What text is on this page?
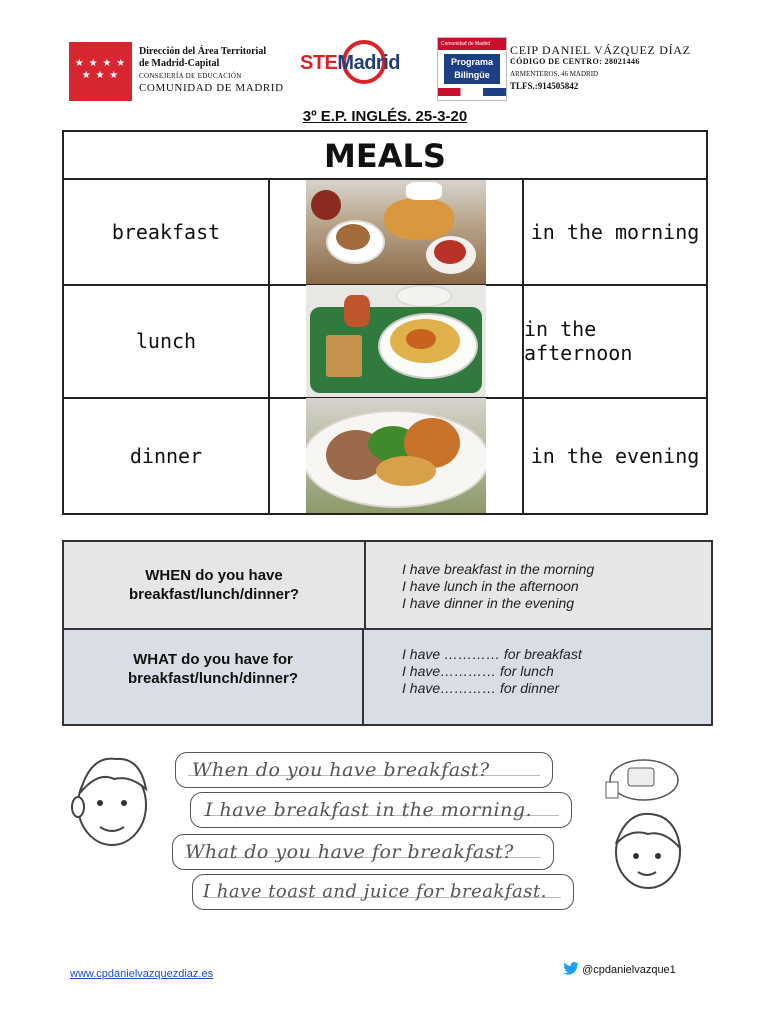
★ ★ ★ ★
★ ★ ★
Dirección del Área Territorial
de Madrid-Capital
CONSEJERÍA DE EDUCACIÓN
COMUNIDAD DE MADRID
STEMadrid
Comunidad de Madrid
Programa Bilingüe
CEIP DANIEL VÁZQUEZ DÍAZ
CÓDIGO DE CENTRO: 28021446
ARMENTEROS, 46 MADRID
TLFS.:914505842
3º E.P. INGLÉS. 25-3-20
MEALS
breakfast	in the morning
lunch	in the afternoon
dinner	in the evening
WHEN do you have breakfast/lunch/dinner?
I have breakfast in the morning
I have lunch in the afternoon
I have dinner in the evening
WHAT do you have for breakfast/lunch/dinner?
I have ………… for breakfast
I have………… for lunch
I have………… for dinner
When do you have breakfast?
I have breakfast in the morning.
What do you have for breakfast?
I have toast and juice for breakfast.
www.cpdanielvazquezdiaz.es	@cpdanielvazque1
